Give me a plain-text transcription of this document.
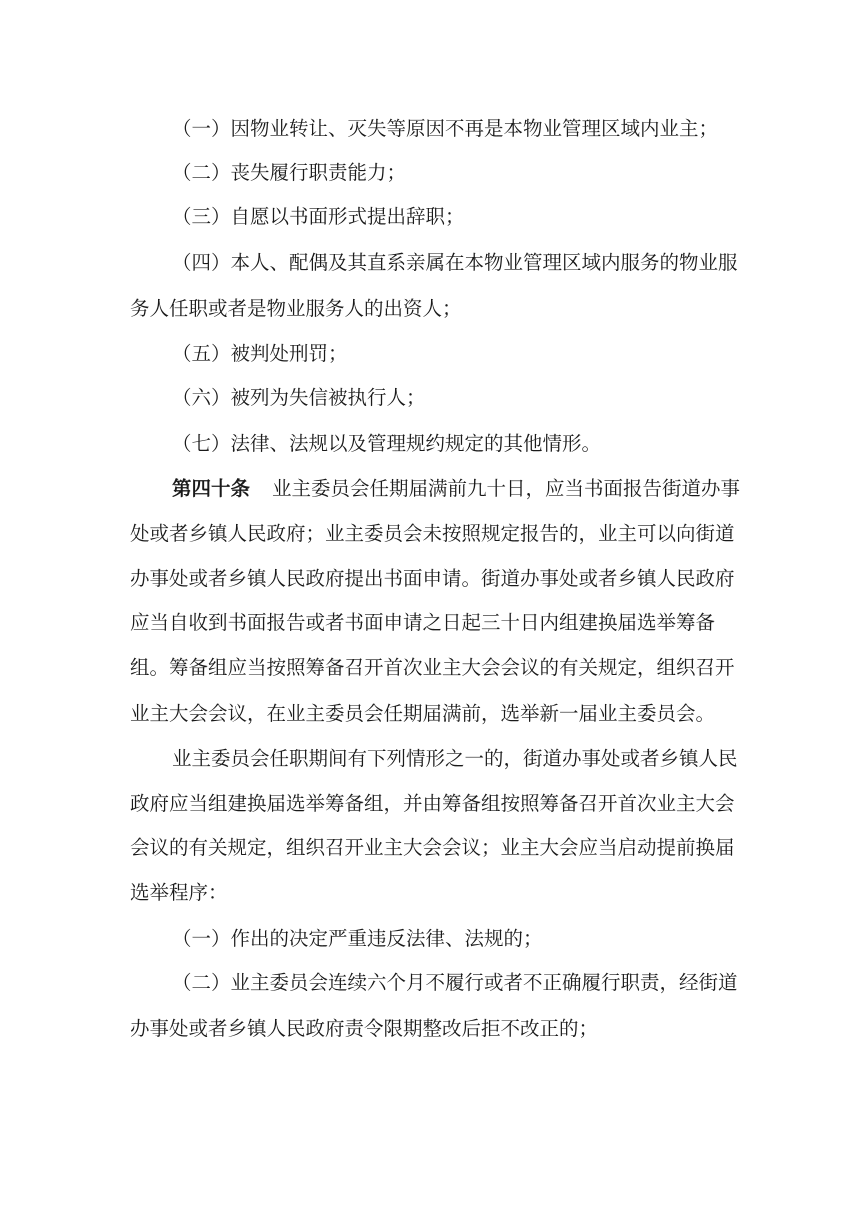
（一）因物业转让、灭失等原因不再是本物业管理区域内业主；
（二）丧失履行职责能力；
（三）自愿以书面形式提出辞职；
（四）本人、配偶及其直系亲属在本物业管理区域内服务的物业服
务人任职或者是物业服务人的出资人；
（五）被判处刑罚；
（六）被列为失信被执行人；
（七）法律、法规以及管理规约规定的其他情形。
第四十条 业主委员会任期届满前九十日，应当书面报告街道办事
处或者乡镇人民政府；业主委员会未按照规定报告的，业主可以向街道
办事处或者乡镇人民政府提出书面申请。街道办事处或者乡镇人民政府
应当自收到书面报告或者书面申请之日起三十日内组建换届选举筹备
组。筹备组应当按照筹备召开首次业主大会会议的有关规定，组织召开
业主大会会议，在业主委员会任期届满前，选举新一届业主委员会。
业主委员会任职期间有下列情形之一的，街道办事处或者乡镇人民
政府应当组建换届选举筹备组，并由筹备组按照筹备召开首次业主大会
会议的有关规定，组织召开业主大会会议；业主大会应当启动提前换届
选举程序：
（一）作出的决定严重违反法律、法规的；
（二）业主委员会连续六个月不履行或者不正确履行职责，经街道
办事处或者乡镇人民政府责令限期整改后拒不改正的；
